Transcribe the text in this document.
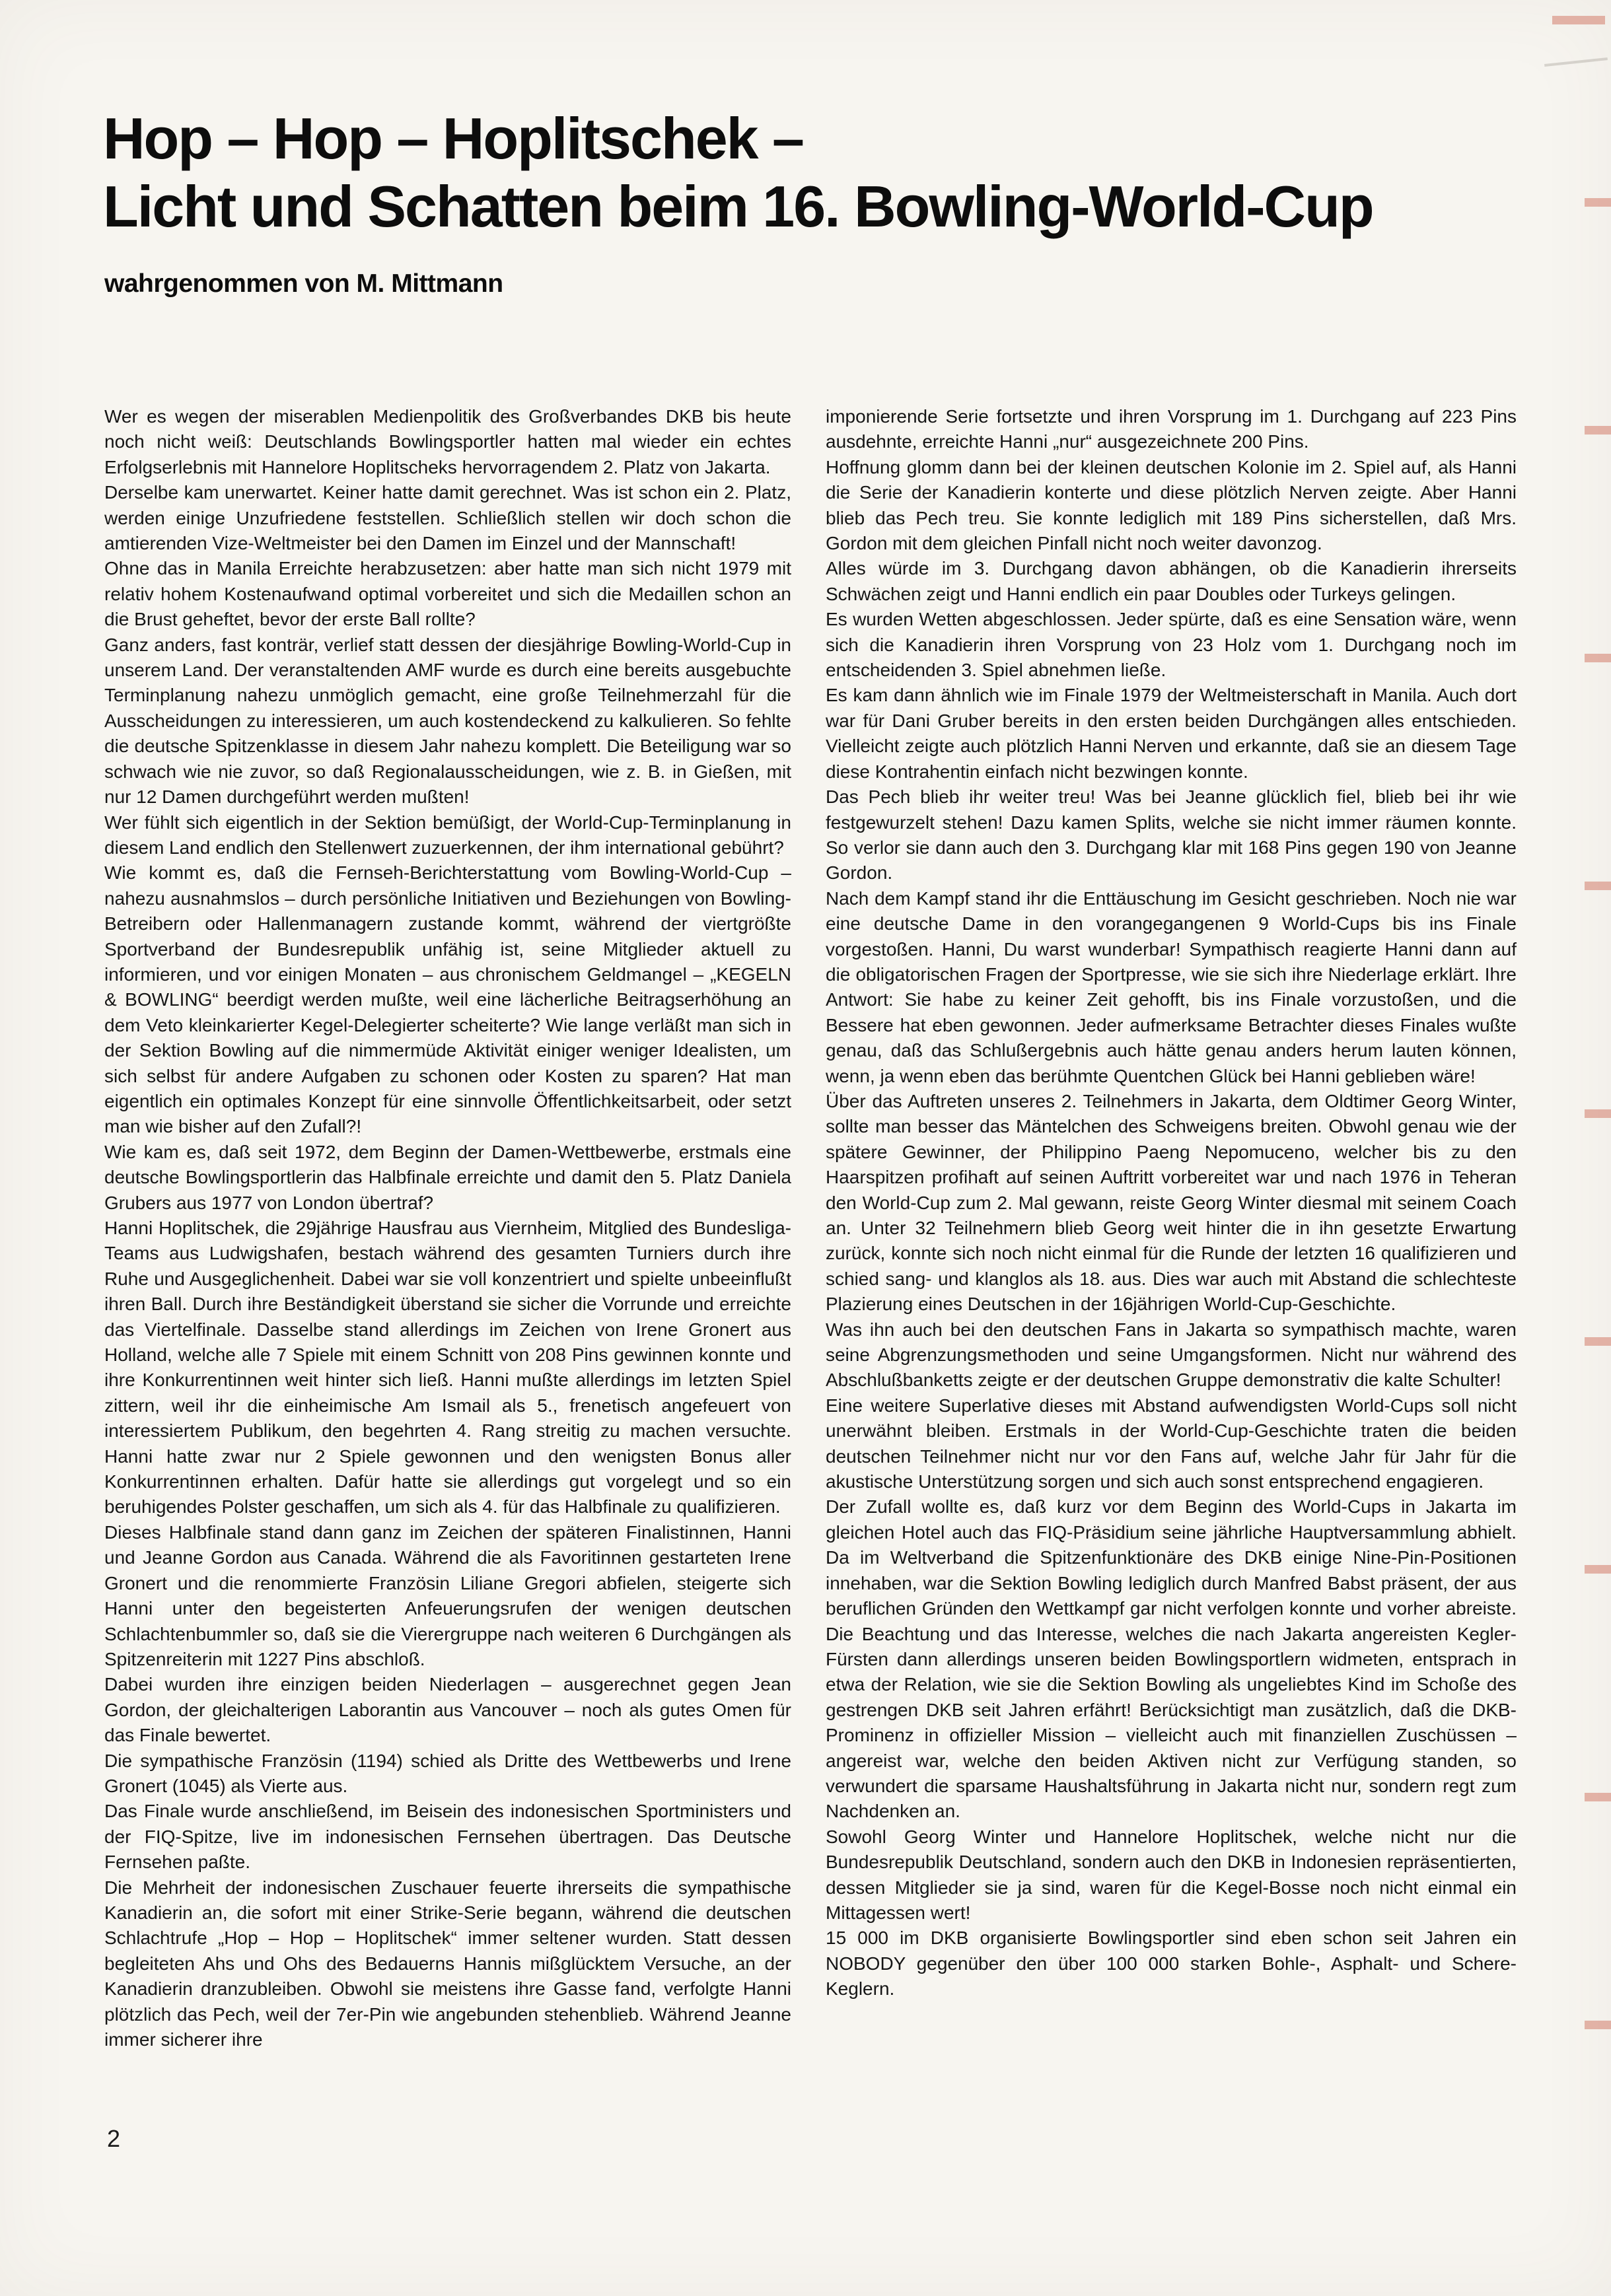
Hop – Hop – Hoplitschek –
Licht und Schatten beim 16. Bowling-World-Cup
wahrgenommen von M. Mittmann

Wer es wegen der miserablen Medienpolitik des Großverbandes DKB bis heute noch nicht weiß: Deutschlands Bowlingsportler hatten mal wieder ein echtes Erfolgserlebnis mit Hannelore Hoplitscheks hervorragendem 2. Platz von Jakarta.

Derselbe kam unerwartet. Keiner hatte damit gerechnet. Was ist schon ein 2. Platz, werden einige Unzufriedene feststellen. Schließlich stellen wir doch schon die amtierenden Vize-Weltmeister bei den Damen im Einzel und der Mannschaft!

Ohne das in Manila Erreichte herabzusetzen: aber hatte man sich nicht 1979 mit relativ hohem Kostenaufwand optimal vorbereitet und sich die Medaillen schon an die Brust geheftet, bevor der erste Ball rollte?

Ganz anders, fast konträr, verlief statt dessen der diesjährige Bowling-World-Cup in unserem Land. Der veranstaltenden AMF wurde es durch eine bereits ausgebuchte Terminplanung nahezu unmöglich gemacht, eine große Teilnehmerzahl für die Ausscheidungen zu interessieren, um auch kostendeckend zu kalkulieren. So fehlte die deutsche Spitzenklasse in diesem Jahr nahezu komplett. Die Beteiligung war so schwach wie nie zuvor, so daß Regionalausscheidungen, wie z. B. in Gießen, mit nur 12 Damen durchgeführt werden mußten!

Wer fühlt sich eigentlich in der Sektion bemüßigt, der World-Cup-Terminplanung in diesem Land endlich den Stellenwert zuzuerkennen, der ihm international gebührt?

Wie kommt es, daß die Fernseh-Berichterstattung vom Bowling-World-Cup – nahezu ausnahmslos – durch persönliche Initiativen und Beziehungen von Bowling-Betreibern oder Hallenmanagern zustande kommt, während der viertgrößte Sportverband der Bundesrepublik unfähig ist, seine Mitglieder aktuell zu informieren, und vor einigen Monaten – aus chronischem Geldmangel – „KEGELN & BOWLING“ beerdigt werden mußte, weil eine lächerliche Beitragserhöhung an dem Veto kleinkarierter Kegel-Delegierter scheiterte? Wie lange verläßt man sich in der Sektion Bowling auf die nimmermüde Aktivität einiger weniger Idealisten, um sich selbst für andere Aufgaben zu schonen oder Kosten zu sparen? Hat man eigentlich ein optimales Konzept für eine sinnvolle Öffentlichkeitsarbeit, oder setzt man wie bisher auf den Zufall?!

Wie kam es, daß seit 1972, dem Beginn der Damen-Wettbewerbe, erstmals eine deutsche Bowlingsportlerin das Halbfinale erreichte und damit den 5. Platz Daniela Grubers aus 1977 von London übertraf?

Hanni Hoplitschek, die 29jährige Hausfrau aus Viernheim, Mitglied des Bundesliga-Teams aus Ludwigshafen, bestach während des gesamten Turniers durch ihre Ruhe und Ausgeglichenheit. Dabei war sie voll konzentriert und spielte unbeeinflußt ihren Ball. Durch ihre Beständigkeit überstand sie sicher die Vorrunde und erreichte das Viertelfinale. Dasselbe stand allerdings im Zeichen von Irene Gronert aus Holland, welche alle 7 Spiele mit einem Schnitt von 208 Pins gewinnen konnte und ihre Konkurrentinnen weit hinter sich ließ. Hanni mußte allerdings im letzten Spiel zittern, weil ihr die einheimische Am Ismail als 5., frenetisch angefeuert von interessiertem Publikum, den begehrten 4. Rang streitig zu machen versuchte. Hanni hatte zwar nur 2 Spiele gewonnen und den wenigsten Bonus aller Konkurrentinnen erhalten. Dafür hatte sie allerdings gut vorgelegt und so ein beruhigendes Polster geschaffen, um sich als 4. für das Halbfinale zu qualifizieren.

Dieses Halbfinale stand dann ganz im Zeichen der späteren Finalistinnen, Hanni und Jeanne Gordon aus Canada. Während die als Favoritinnen gestarteten Irene Gronert und die renommierte Französin Liliane Gregori abfielen, steigerte sich Hanni unter den begeisterten Anfeuerungsrufen der wenigen deutschen Schlachtenbummler so, daß sie die Vierergruppe nach weiteren 6 Durchgängen als Spitzenreiterin mit 1227 Pins abschloß.

Dabei wurden ihre einzigen beiden Niederlagen – ausgerechnet gegen Jean Gordon, der gleichalterigen Laborantin aus Vancouver – noch als gutes Omen für das Finale bewertet.

Die sympathische Französin (1194) schied als Dritte des Wettbewerbs und Irene Gronert (1045) als Vierte aus.

Das Finale wurde anschließend, im Beisein des indonesischen Sportministers und der FIQ-Spitze, live im indonesischen Fernsehen übertragen. Das Deutsche Fernsehen paßte.

Die Mehrheit der indonesischen Zuschauer feuerte ihrerseits die sympathische Kanadierin an, die sofort mit einer Strike-Serie begann, während die deutschen Schlachtrufe „Hop – Hop – Hoplitschek“ immer seltener wurden. Statt dessen begleiteten Ahs und Ohs des Bedauerns Hannis mißglücktem Versuche, an der Kanadierin dranzubleiben. Obwohl sie meistens ihre Gasse fand, verfolgte Hanni plötzlich das Pech, weil der 7er-Pin wie angebunden stehenblieb. Während Jeanne immer sicherer ihre

imponierende Serie fortsetzte und ihren Vorsprung im 1. Durchgang auf 223 Pins ausdehnte, erreichte Hanni „nur“ ausgezeichnete 200 Pins.

Hoffnung glomm dann bei der kleinen deutschen Kolonie im 2. Spiel auf, als Hanni die Serie der Kanadierin konterte und diese plötzlich Nerven zeigte. Aber Hanni blieb das Pech treu. Sie konnte lediglich mit 189 Pins sicherstellen, daß Mrs. Gordon mit dem gleichen Pinfall nicht noch weiter davonzog.

Alles würde im 3. Durchgang davon abhängen, ob die Kanadierin ihrerseits Schwächen zeigt und Hanni endlich ein paar Doubles oder Turkeys gelingen.

Es wurden Wetten abgeschlossen. Jeder spürte, daß es eine Sensation wäre, wenn sich die Kanadierin ihren Vorsprung von 23 Holz vom 1. Durchgang noch im entscheidenden 3. Spiel abnehmen ließe.

Es kam dann ähnlich wie im Finale 1979 der Weltmeisterschaft in Manila. Auch dort war für Dani Gruber bereits in den ersten beiden Durchgängen alles entschieden. Vielleicht zeigte auch plötzlich Hanni Nerven und erkannte, daß sie an diesem Tage diese Kontrahentin einfach nicht bezwingen konnte.

Das Pech blieb ihr weiter treu! Was bei Jeanne glücklich fiel, blieb bei ihr wie festgewurzelt stehen! Dazu kamen Splits, welche sie nicht immer räumen konnte. So verlor sie dann auch den 3. Durchgang klar mit 168 Pins gegen 190 von Jeanne Gordon.

Nach dem Kampf stand ihr die Enttäuschung im Gesicht geschrieben. Noch nie war eine deutsche Dame in den vorangegangenen 9 World-Cups bis ins Finale vorgestoßen. Hanni, Du warst wunderbar! Sympathisch reagierte Hanni dann auf die obligatorischen Fragen der Sportpresse, wie sie sich ihre Niederlage erklärt. Ihre Antwort: Sie habe zu keiner Zeit gehofft, bis ins Finale vorzustoßen, und die Bessere hat eben gewonnen. Jeder aufmerksame Betrachter dieses Finales wußte genau, daß das Schlußergebnis auch hätte genau anders herum lauten können, wenn, ja wenn eben das berühmte Quentchen Glück bei Hanni geblieben wäre!

Über das Auftreten unseres 2. Teilnehmers in Jakarta, dem Oldtimer Georg Winter, sollte man besser das Mäntelchen des Schweigens breiten. Obwohl genau wie der spätere Gewinner, der Philippino Paeng Nepomuceno, welcher bis zu den Haarspitzen profihaft auf seinen Auftritt vorbereitet war und nach 1976 in Teheran den World-Cup zum 2. Mal gewann, reiste Georg Winter diesmal mit seinem Coach an. Unter 32 Teilnehmern blieb Georg weit hinter die in ihn gesetzte Erwartung zurück, konnte sich noch nicht einmal für die Runde der letzten 16 qualifizieren und schied sang- und klanglos als 18. aus. Dies war auch mit Abstand die schlechteste Plazierung eines Deutschen in der 16jährigen World-Cup-Geschichte.

Was ihn auch bei den deutschen Fans in Jakarta so sympathisch machte, waren seine Abgrenzungsmethoden und seine Umgangsformen. Nicht nur während des Abschlußbanketts zeigte er der deutschen Gruppe demonstrativ die kalte Schulter!

Eine weitere Superlative dieses mit Abstand aufwendigsten World-Cups soll nicht unerwähnt bleiben. Erstmals in der World-Cup-Geschichte traten die beiden deutschen Teilnehmer nicht nur vor den Fans auf, welche Jahr für Jahr für die akustische Unterstützung sorgen und sich auch sonst entsprechend engagieren.

Der Zufall wollte es, daß kurz vor dem Beginn des World-Cups in Jakarta im gleichen Hotel auch das FIQ-Präsidium seine jährliche Hauptversammlung abhielt. Da im Weltverband die Spitzenfunktionäre des DKB einige Nine-Pin-Positionen innehaben, war die Sektion Bowling lediglich durch Manfred Babst präsent, der aus beruflichen Gründen den Wettkampf gar nicht verfolgen konnte und vorher abreiste. Die Beachtung und das Interesse, welches die nach Jakarta angereisten Kegler-Fürsten dann allerdings unseren beiden Bowlingsportlern widmeten, entsprach in etwa der Relation, wie sie die Sektion Bowling als ungeliebtes Kind im Schoße des gestrengen DKB seit Jahren erfährt! Berücksichtigt man zusätzlich, daß die DKB-Prominenz in offizieller Mission – vielleicht auch mit finanziellen Zuschüssen – angereist war, welche den beiden Aktiven nicht zur Verfügung standen, so verwundert die sparsame Haushaltsführung in Jakarta nicht nur, sondern regt zum Nachdenken an.

Sowohl Georg Winter und Hannelore Hoplitschek, welche nicht nur die Bundesrepublik Deutschland, sondern auch den DKB in Indonesien repräsentierten, dessen Mitglieder sie ja sind, waren für die Kegel-Bosse noch nicht einmal ein Mittagessen wert!

15 000 im DKB organisierte Bowlingsportler sind eben schon seit Jahren ein NOBODY gegenüber den über 100 000 starken Bohle-, Asphalt- und Schere-Keglern.

2
